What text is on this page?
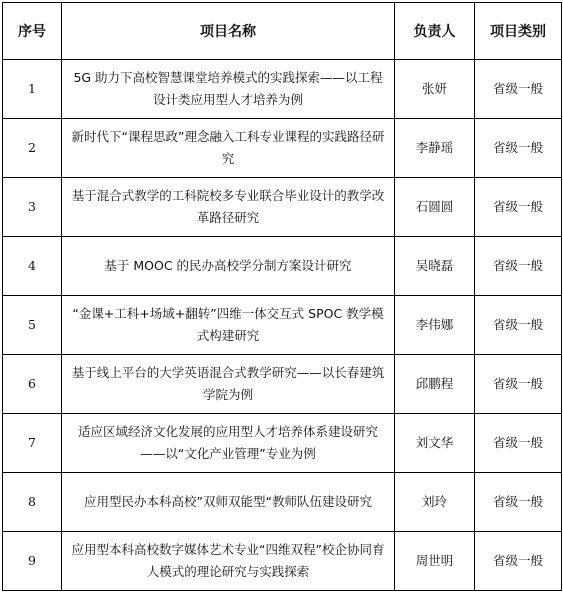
序号	项目名称	负责人	项目类别
1	5G 助力下高校智慧课堂培养模式的实践探索——以工程设计类应用型人才培养为例	张妍	省级一般
2	新时代下“课程思政”理念融入工科专业课程的实践路径研究	李静瑶	省级一般
3	基于混合式教学的工科院校多专业联合毕业设计的教学改革路径研究	石圆圆	省级一般
4	基于 MOOC 的民办高校学分制方案设计研究	吴晓磊	省级一般
5	“金课+工科+场域+翻转”四维一体交互式 SPOC 教学模式构建研究	李伟娜	省级一般
6	基于线上平台的大学英语混合式教学研究——以长春建筑学院为例	邱鹏程	省级一般
7	适应区域经济文化发展的应用型人才培养体系建设研究——以“文化产业管理”专业为例	刘文华	省级一般
8	应用型民办本科高校”双师双能型“教师队伍建设研究	刘玲	省级一般
9	应用型本科高校数字媒体艺术专业“四维双程”校企协同育人模式的理论研究与实践探索	周世明	省级一般
